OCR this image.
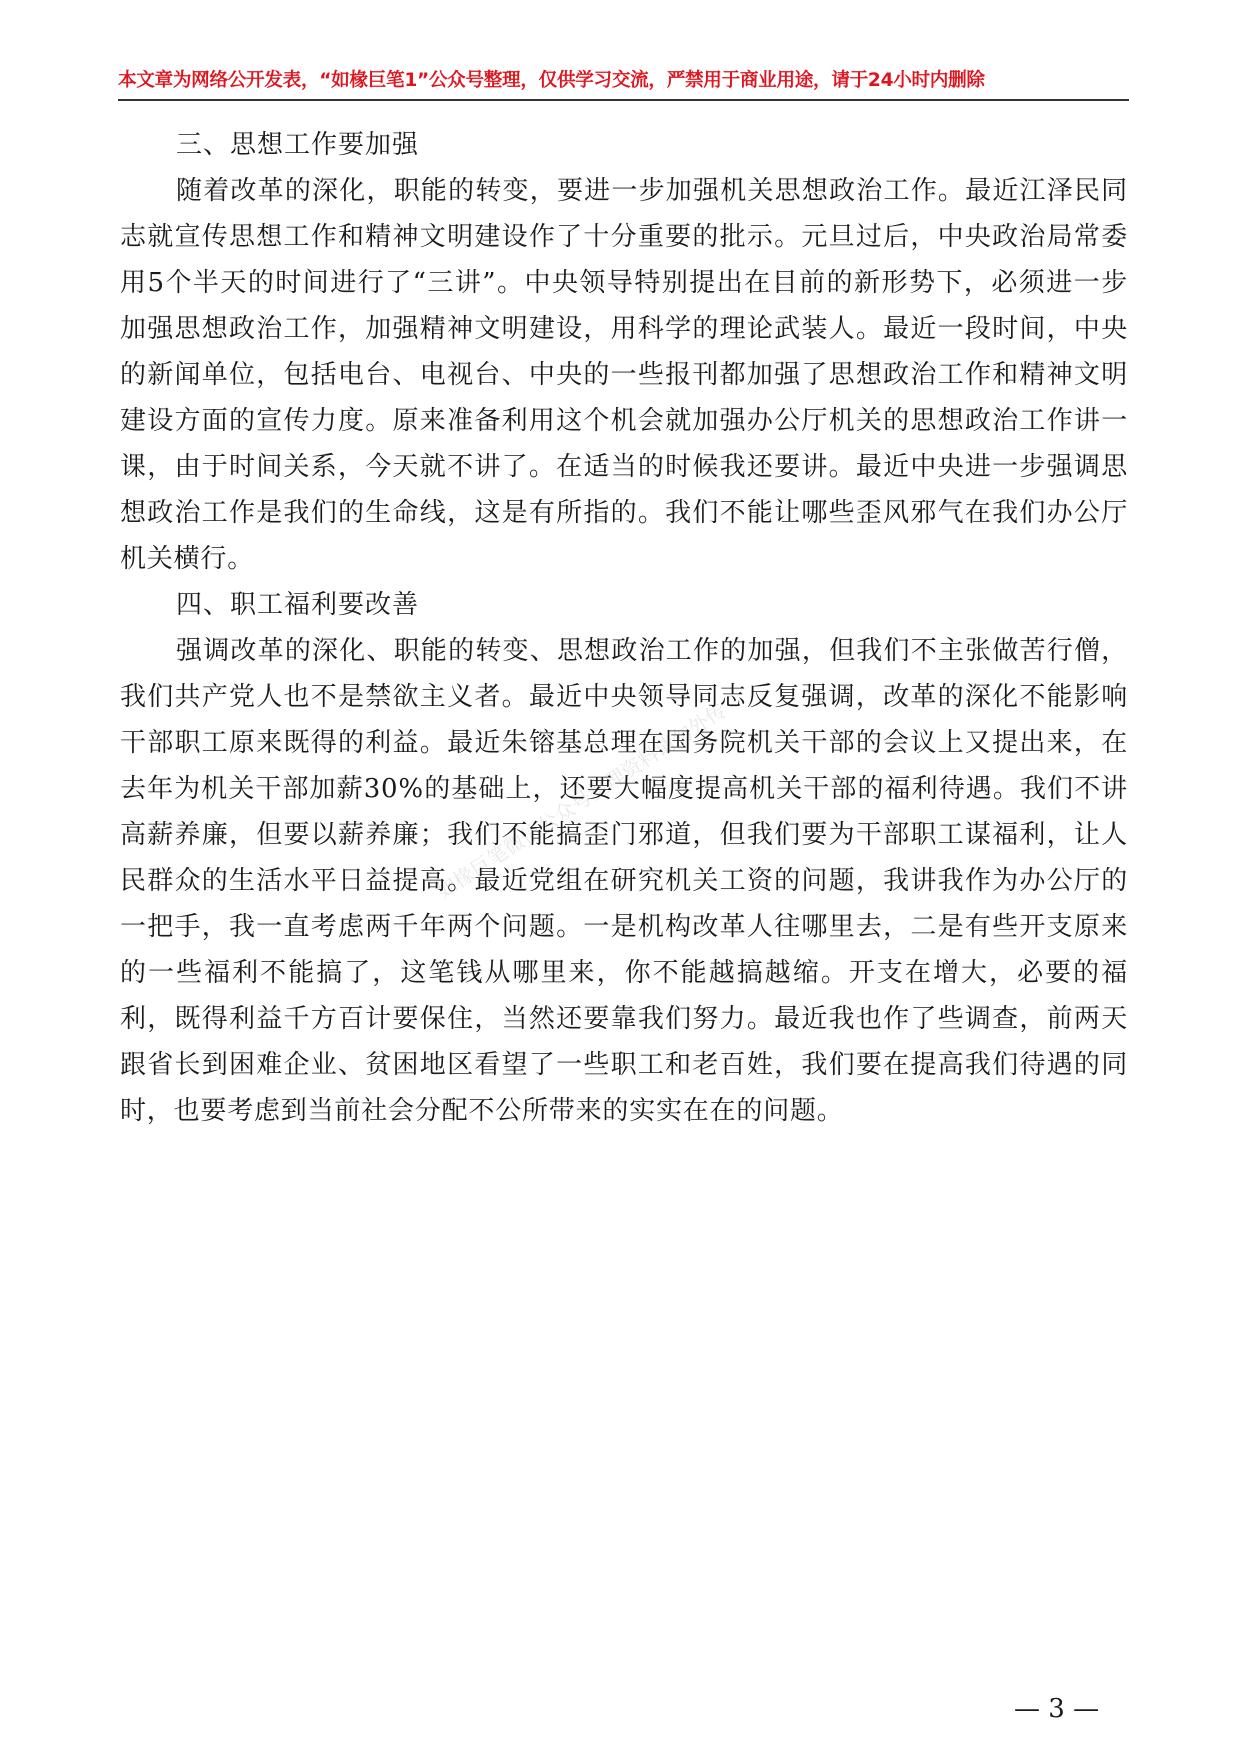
本文章为网络公开发表，“如椽巨笔1”公众号整理，仅供学习交流，严禁用于商业用途，请于24小时内删除
如椽巨笔微信公众号整理资料请勿外传
三、思想工作要加强

随着改革的深化，职能的转变，要进一步加强机关思想政治工作。最近江泽民同志就宣传思想工作和精神文明建设作了十分重要的批示。元旦过后，中央政治局常委用5个半天的时间进行了“三讲”。中央领导特别提出在目前的新形势下，必须进一步加强思想政治工作，加强精神文明建设，用科学的理论武装人。最近一段时间，中央的新闻单位，包括电台、电视台、中央的一些报刊都加强了思想政治工作和精神文明建设方面的宣传力度。原来准备利用这个机会就加强办公厅机关的思想政治工作讲一课，由于时间关系，今天就不讲了。在适当的时候我还要讲。最近中央进一步强调思想政治工作是我们的生命线，这是有所指的。我们不能让哪些歪风邪气在我们办公厅机关横行。

四、职工福利要改善

强调改革的深化、职能的转变、思想政治工作的加强，但我们不主张做苦行僧，我们共产党人也不是禁欲主义者。最近中央领导同志反复强调，改革的深化不能影响干部职工原来既得的利益。最近朱镕基总理在国务院机关干部的会议上又提出来，在去年为机关干部加薪30%的基础上，还要大幅度提高机关干部的福利待遇。我们不讲高薪养廉，但要以薪养廉；我们不能搞歪门邪道，但我们要为干部职工谋福利，让人民群众的生活水平日益提高。最近党组在研究机关工资的问题，我讲我作为办公厅的一把手，我一直考虑两千年两个问题。一是机构改革人往哪里去，二是有些开支原来的一些福利不能搞了，这笔钱从哪里来，你不能越搞越缩。开支在增大，必要的福利，既得利益千方百计要保住，当然还要靠我们努力。最近我也作了些调查，前两天跟省长到困难企业、贫困地区看望了一些职工和老百姓，我们要在提高我们待遇的同时，也要考虑到当前社会分配不公所带来的实实在在的问题。

— 3 —
